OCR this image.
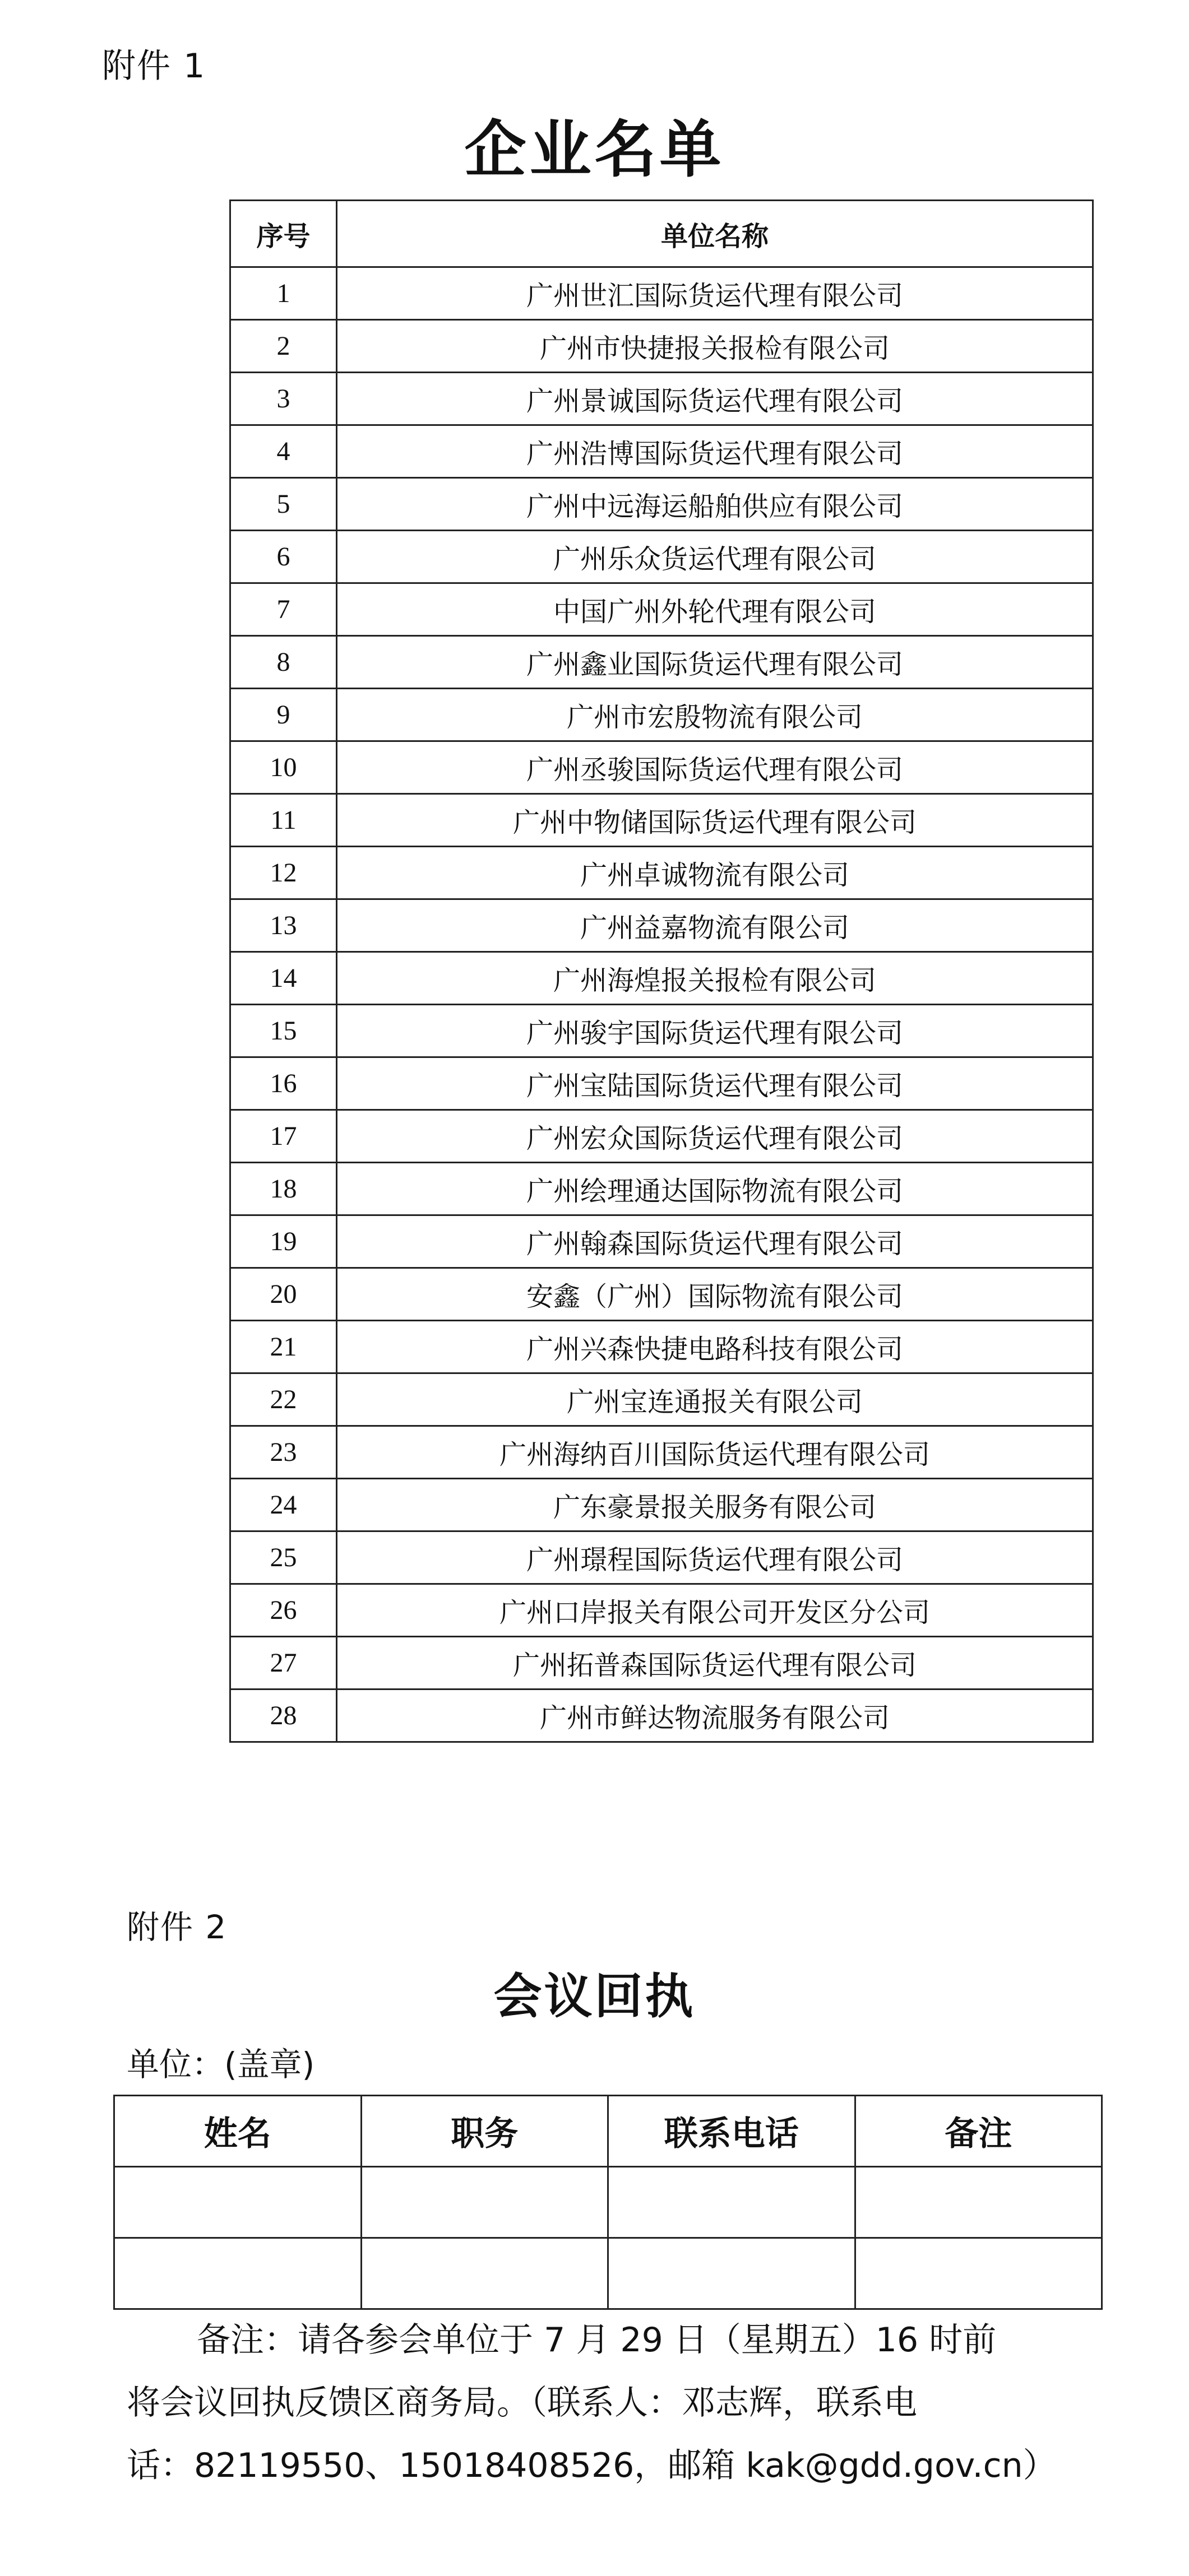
附件 1
企业名单
序号	单位名称
1	广州世汇国际货运代理有限公司
2	广州市快捷报关报检有限公司
3	广州景诚国际货运代理有限公司
4	广州浩博国际货运代理有限公司
5	广州中远海运船舶供应有限公司
6	广州乐众货运代理有限公司
7	中国广州外轮代理有限公司
8	广州鑫业国际货运代理有限公司
9	广州市宏殷物流有限公司
10	广州丞骏国际货运代理有限公司
11	广州中物储国际货运代理有限公司
12	广州卓诚物流有限公司
13	广州益嘉物流有限公司
14	广州海煌报关报检有限公司
15	广州骏宇国际货运代理有限公司
16	广州宝陆国际货运代理有限公司
17	广州宏众国际货运代理有限公司
18	广州绘理通达国际物流有限公司
19	广州翰森国际货运代理有限公司
20	安鑫（广州）国际物流有限公司
21	广州兴森快捷电路科技有限公司
22	广州宝连通报关有限公司
23	广州海纳百川国际货运代理有限公司
24	广东豪景报关服务有限公司
25	广州璟程国际货运代理有限公司
26	广州口岸报关有限公司开发区分公司
27	广州拓普森国际货运代理有限公司
28	广州市鲜达物流服务有限公司
附件 2
会议回执
单位：(盖章)
姓名	职务	联系电话	备注

备注：请各参会单位于 7 月 29 日（星期五）16 时前

将会议回执反馈区商务局。（联系人：邓志辉，联系电

话：82119550、15018408526，邮箱 kak@gdd.gov.cn）
